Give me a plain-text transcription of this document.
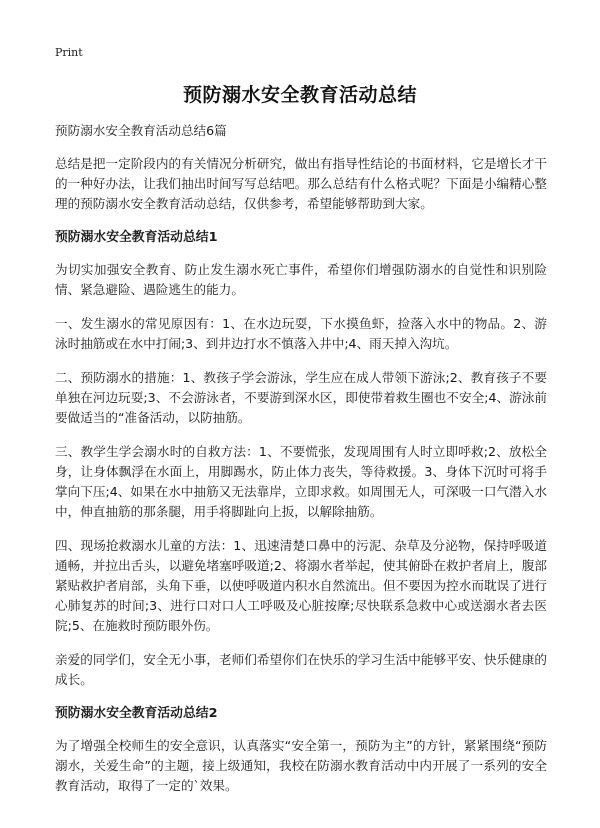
Print
预防溺水安全教育活动总结

预防溺水安全教育活动总结6篇

总结是把一定阶段内的有关情况分析研究，做出有指导性结论的书面材料，它是增长才干的一种好办法，让我们抽出时间写写总结吧。那么总结有什么格式呢？下面是小编精心整理的预防溺水安全教育活动总结，仅供参考，希望能够帮助到大家。

预防溺水安全教育活动总结1

为切实加强安全教育、防止发生溺水死亡事件，希望你们增强防溺水的自觉性和识别险情、紧急避险、遇险逃生的能力。

一、发生溺水的常见原因有：1、在水边玩耍，下水摸鱼虾，捡落入水中的物品。2、游泳时抽筋或在水中打闹;3、到井边打水不慎落入井中;4、雨天掉入沟坑。

二、预防溺水的措施：1、教孩子学会游泳，学生应在成人带领下游泳;2、教育孩子不要单独在河边玩耍;3、不会游泳者，不要游到深水区，即使带着救生圈也不安全;4、游泳前要做适当的“准备活动，以防抽筋。

三、教学生学会溺水时的自救方法：1、不要慌张，发现周围有人时立即呼救;2、放松全身，让身体飘浮在水面上，用脚踢水，防止体力丧失，等待救援。3、身体下沉时可将手掌向下压;4、如果在水中抽筋又无法靠岸，立即求救。如周围无人，可深吸一口气潜入水中，伸直抽筋的那条腿，用手将脚趾向上扳，以解除抽筋。

四、现场抢救溺水儿童的方法：1、迅速清楚口鼻中的污泥、杂草及分泌物，保持呼吸道通畅，并拉出舌头，以避免堵塞呼吸道;2、将溺水者举起，使其俯卧在救护者肩上，腹部紧贴救护者肩部，头角下垂，以使呼吸道内积水自然流出。但不要因为控水而耽误了进行心肺复苏的时间;3、进行口对口人工呼吸及心脏按摩;尽快联系急救中心或送溺水者去医院;5、在施救时预防眼外伤。

亲爱的同学们，安全无小事，老师们希望你们在快乐的学习生活中能够平安、快乐健康的成长。

预防溺水安全教育活动总结2

为了增强全校师生的安全意识，认真落实“安全第一，预防为主”的方针，紧紧围绕“预防溺水，关爱生命”的主题，接上级通知，我校在防溺水教育活动中内开展了一系列的安全教育活动，取得了一定的`效果。
